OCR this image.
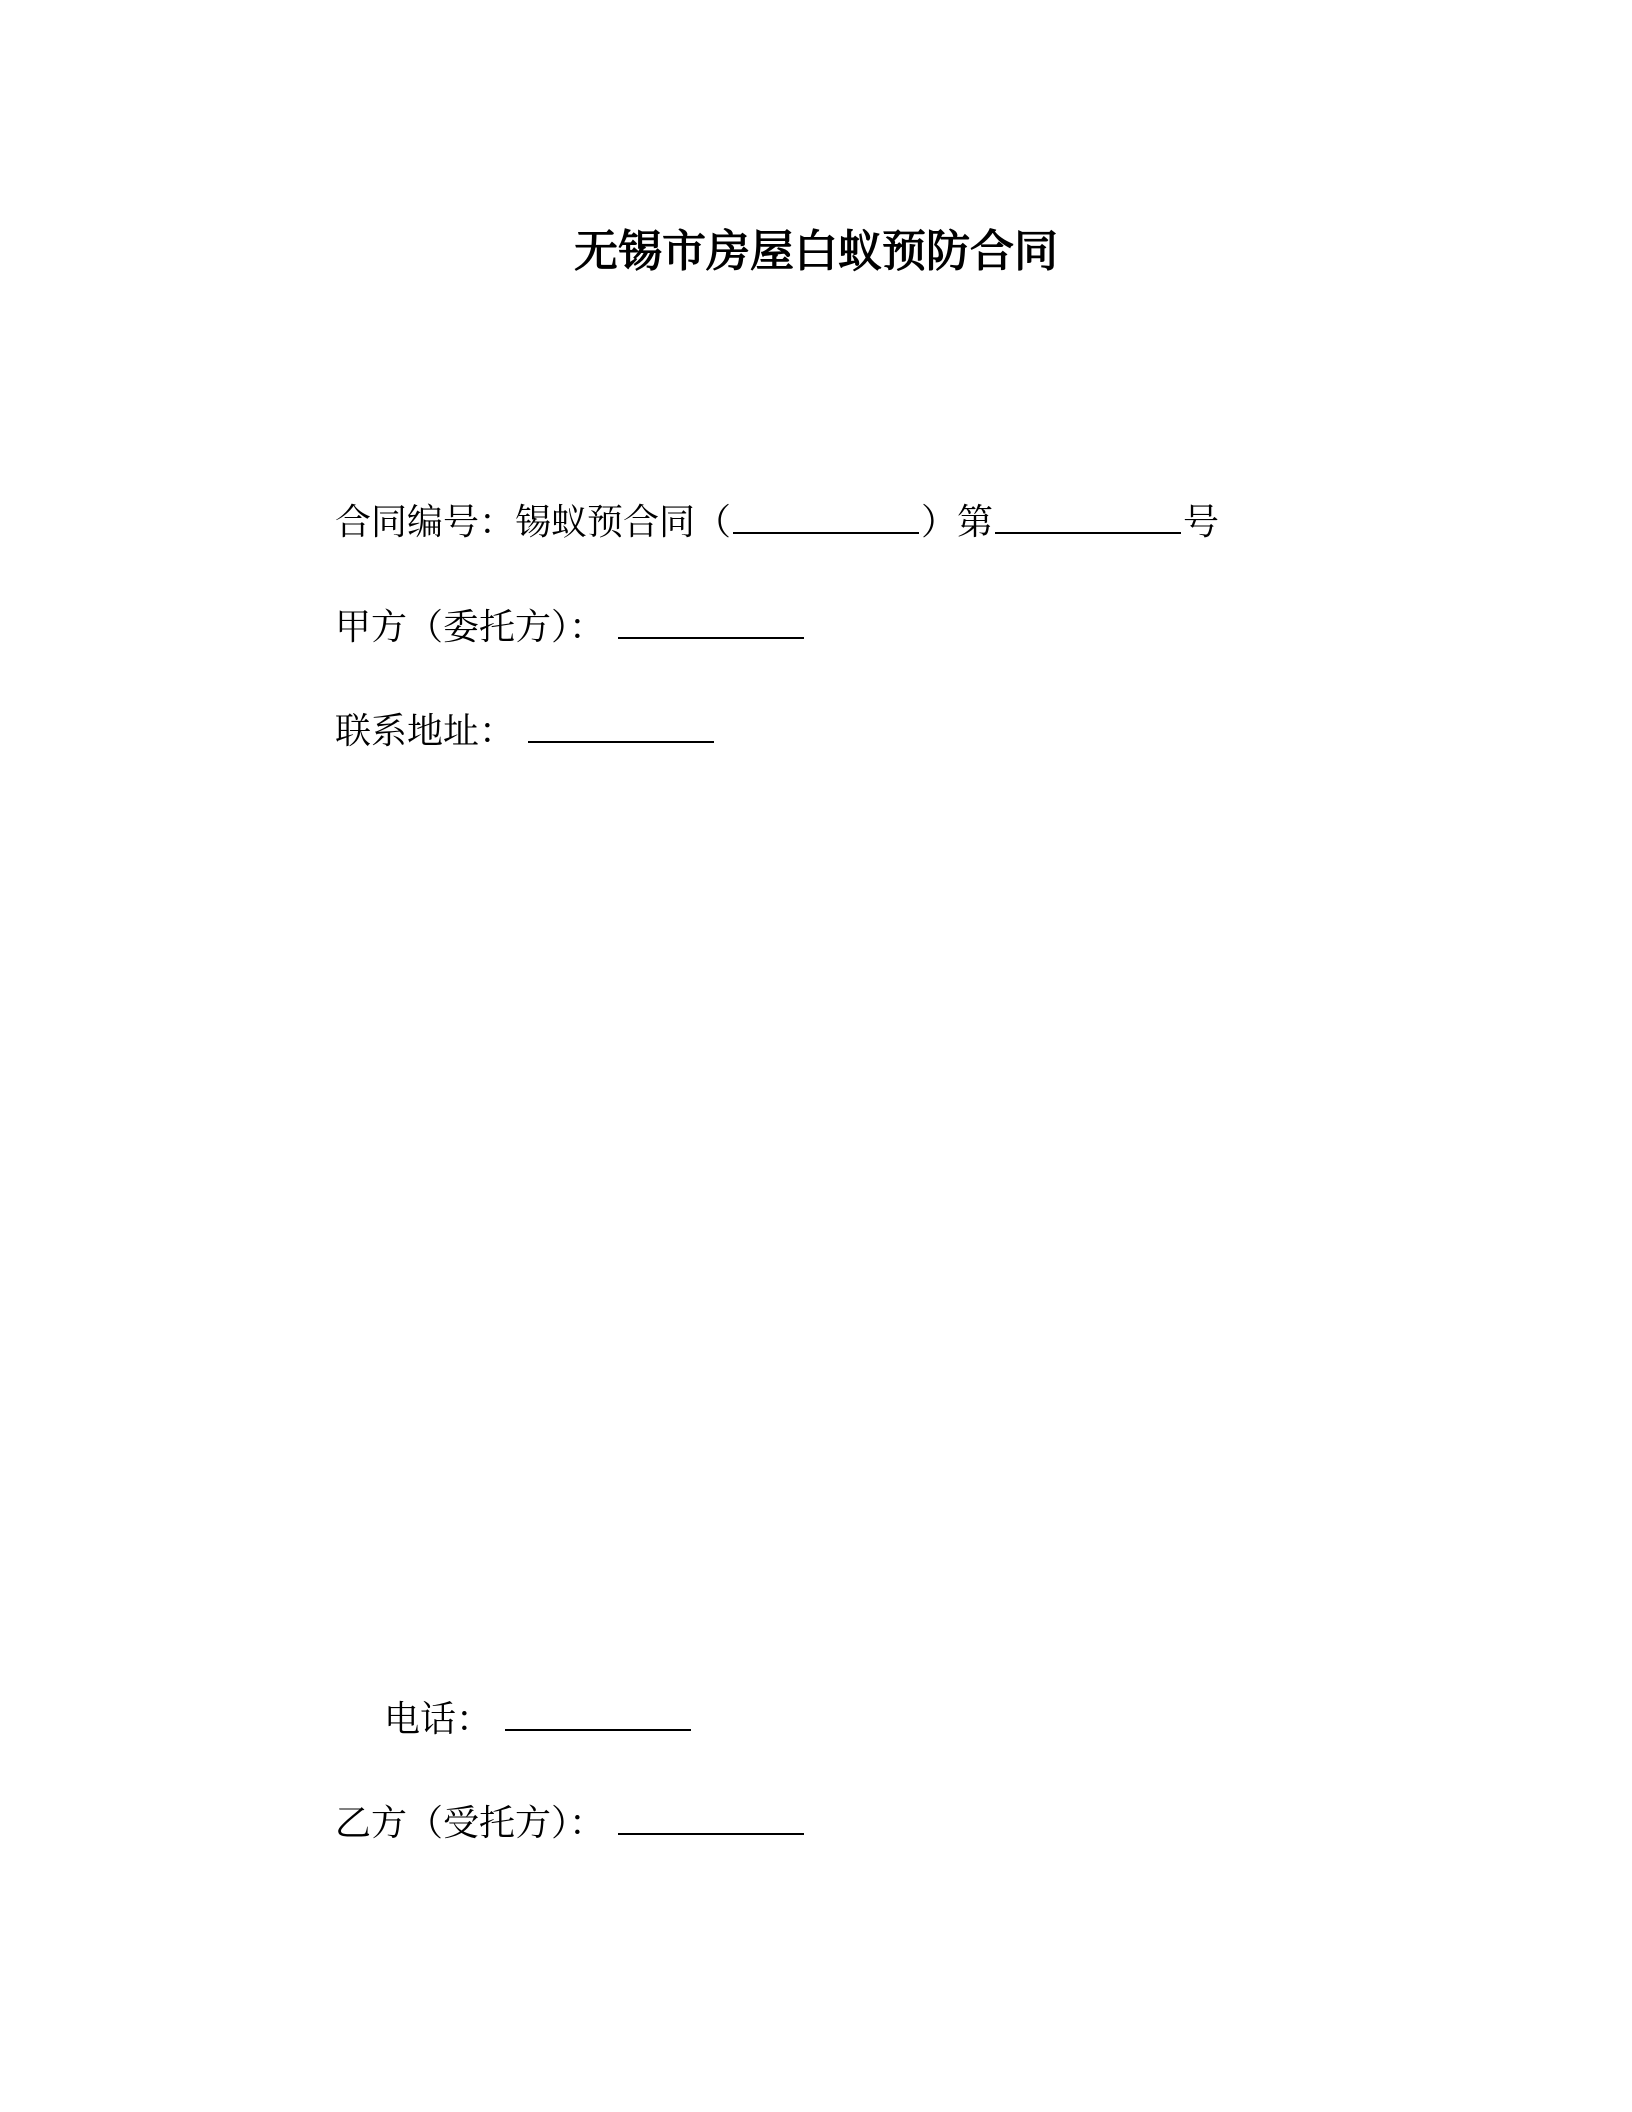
无锡市房屋白蚁预防合同
合同编号：锡蚁预合同（	）第	号
甲方（委托方）：
联系地址：
电话：
乙方（受托方）：
